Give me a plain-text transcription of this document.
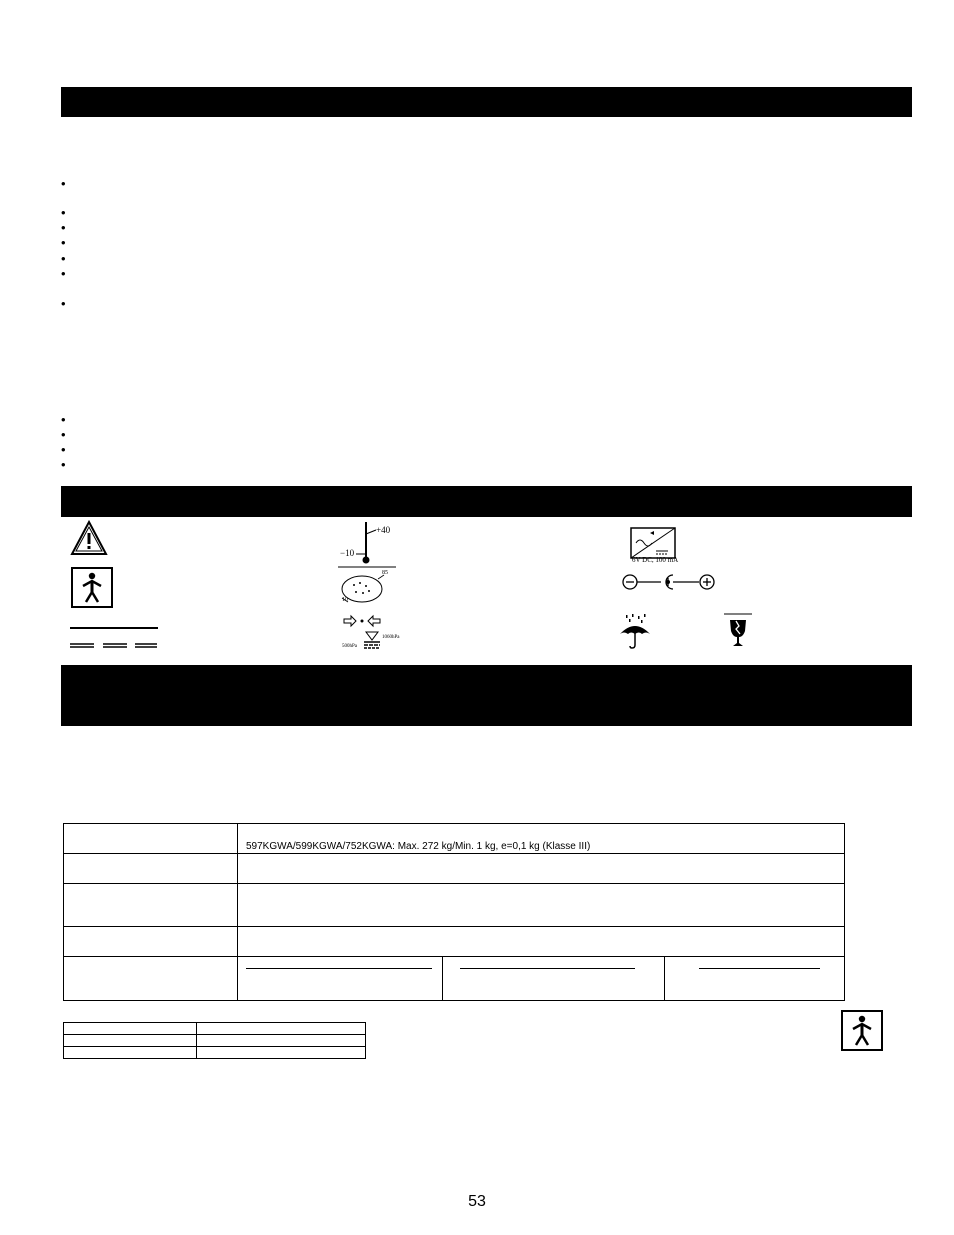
•
•
•
•
•
•
•
•
•
•
•
+40
−10
6V DC, 100 mA
85
10
1060hPa
500hPa
	597KGWA/599KGWA/752KGWA: Max. 272 kg/Min. 1 kg, e=0,1 kg (Klasse III)		

53
